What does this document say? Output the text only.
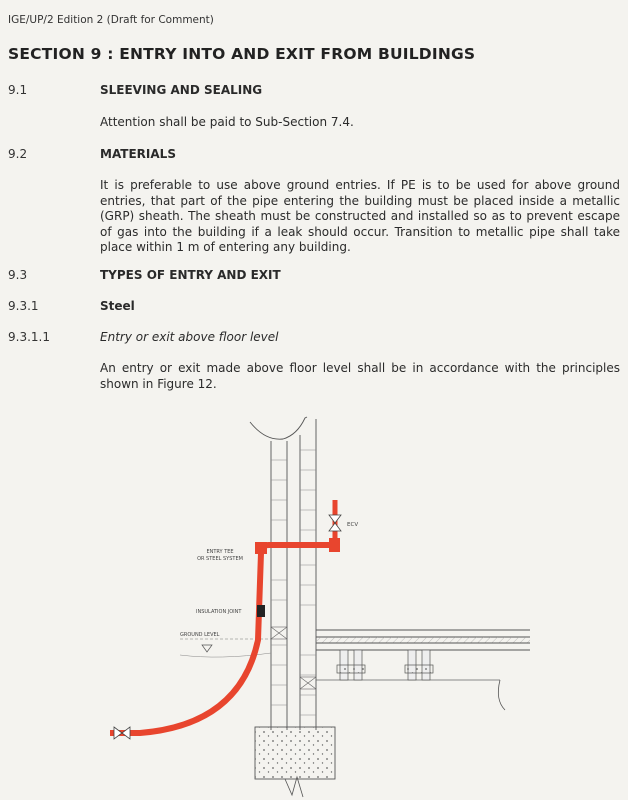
IGE/UP/2 Edition 2 (Draft for Comment)
SECTION 9 : ENTRY INTO AND EXIT FROM BUILDINGS
9.1	SLEEVING AND SEALING
Attention shall be paid to Sub-Section 7.4.
9.2	MATERIALS
It is preferable to use above ground entries. If PE is to be used for above ground entries, that part of the pipe entering the building must be placed inside a metallic (GRP) sheath. The sheath must be constructed and installed so as to prevent escape of gas into the building if a leak should occur. Transition to metallic pipe shall take place within 1 m of entering any building.
9.3	TYPES OF ENTRY AND EXIT
9.3.1	Steel
9.3.1.1	Entry or exit above floor level
An entry or exit made above floor level shall be in accordance with the principles shown in Figure 12.
ECV
ENTRY TEE
OR STEEL SYSTEM
INSULATION JOINT
GROUND LEVEL
